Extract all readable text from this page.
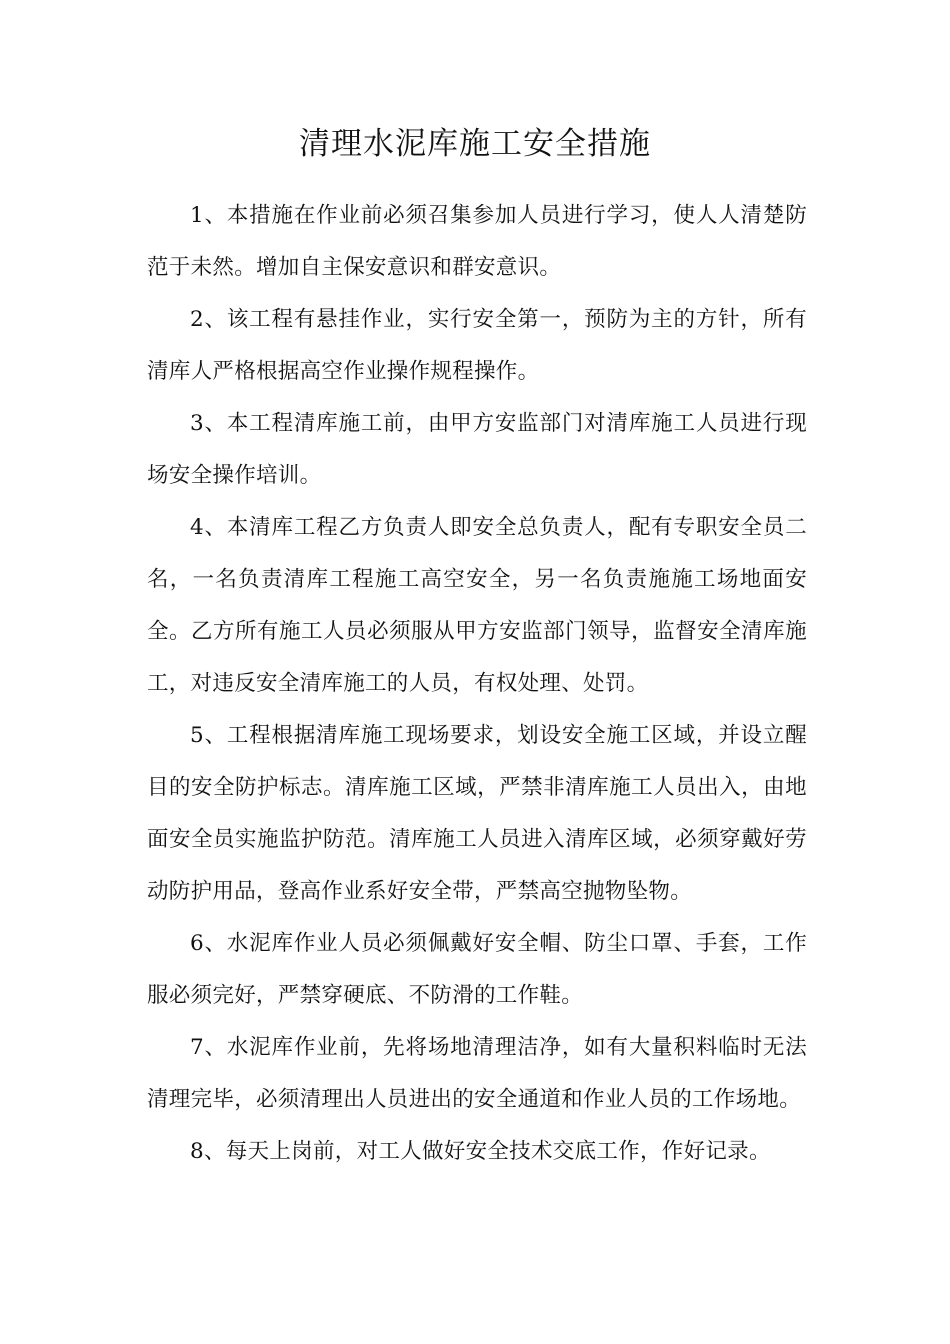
清理水泥库施工安全措施

1、本措施在作业前必须召集参加人员进行学习，使人人清楚防范于未然。增加自主保安意识和群安意识。

2、该工程有悬挂作业，实行安全第一，预防为主的方针，所有清库人严格根据高空作业操作规程操作。

3、本工程清库施工前，由甲方安监部门对清库施工人员进行现场安全操作培训。

4、本清库工程乙方负责人即安全总负责人，配有专职安全员二名，一名负责清库工程施工高空安全，另一名负责施施工场地面安全。乙方所有施工人员必须服从甲方安监部门领导，监督安全清库施工，对违反安全清库施工的人员，有权处理、处罚。

5、工程根据清库施工现场要求，划设安全施工区域，并设立醒目的安全防护标志。清库施工区域，严禁非清库施工人员出入，由地面安全员实施监护防范。清库施工人员进入清库区域，必须穿戴好劳动防护用品，登高作业系好安全带，严禁高空抛物坠物。

6、水泥库作业人员必须佩戴好安全帽、防尘口罩、手套，工作服必须完好，严禁穿硬底、不防滑的工作鞋。

7、水泥库作业前，先将场地清理洁净，如有大量积料临时无法清理完毕，必须清理出人员进出的安全通道和作业人员的工作场地。

8、每天上岗前，对工人做好安全技术交底工作，作好记录。
